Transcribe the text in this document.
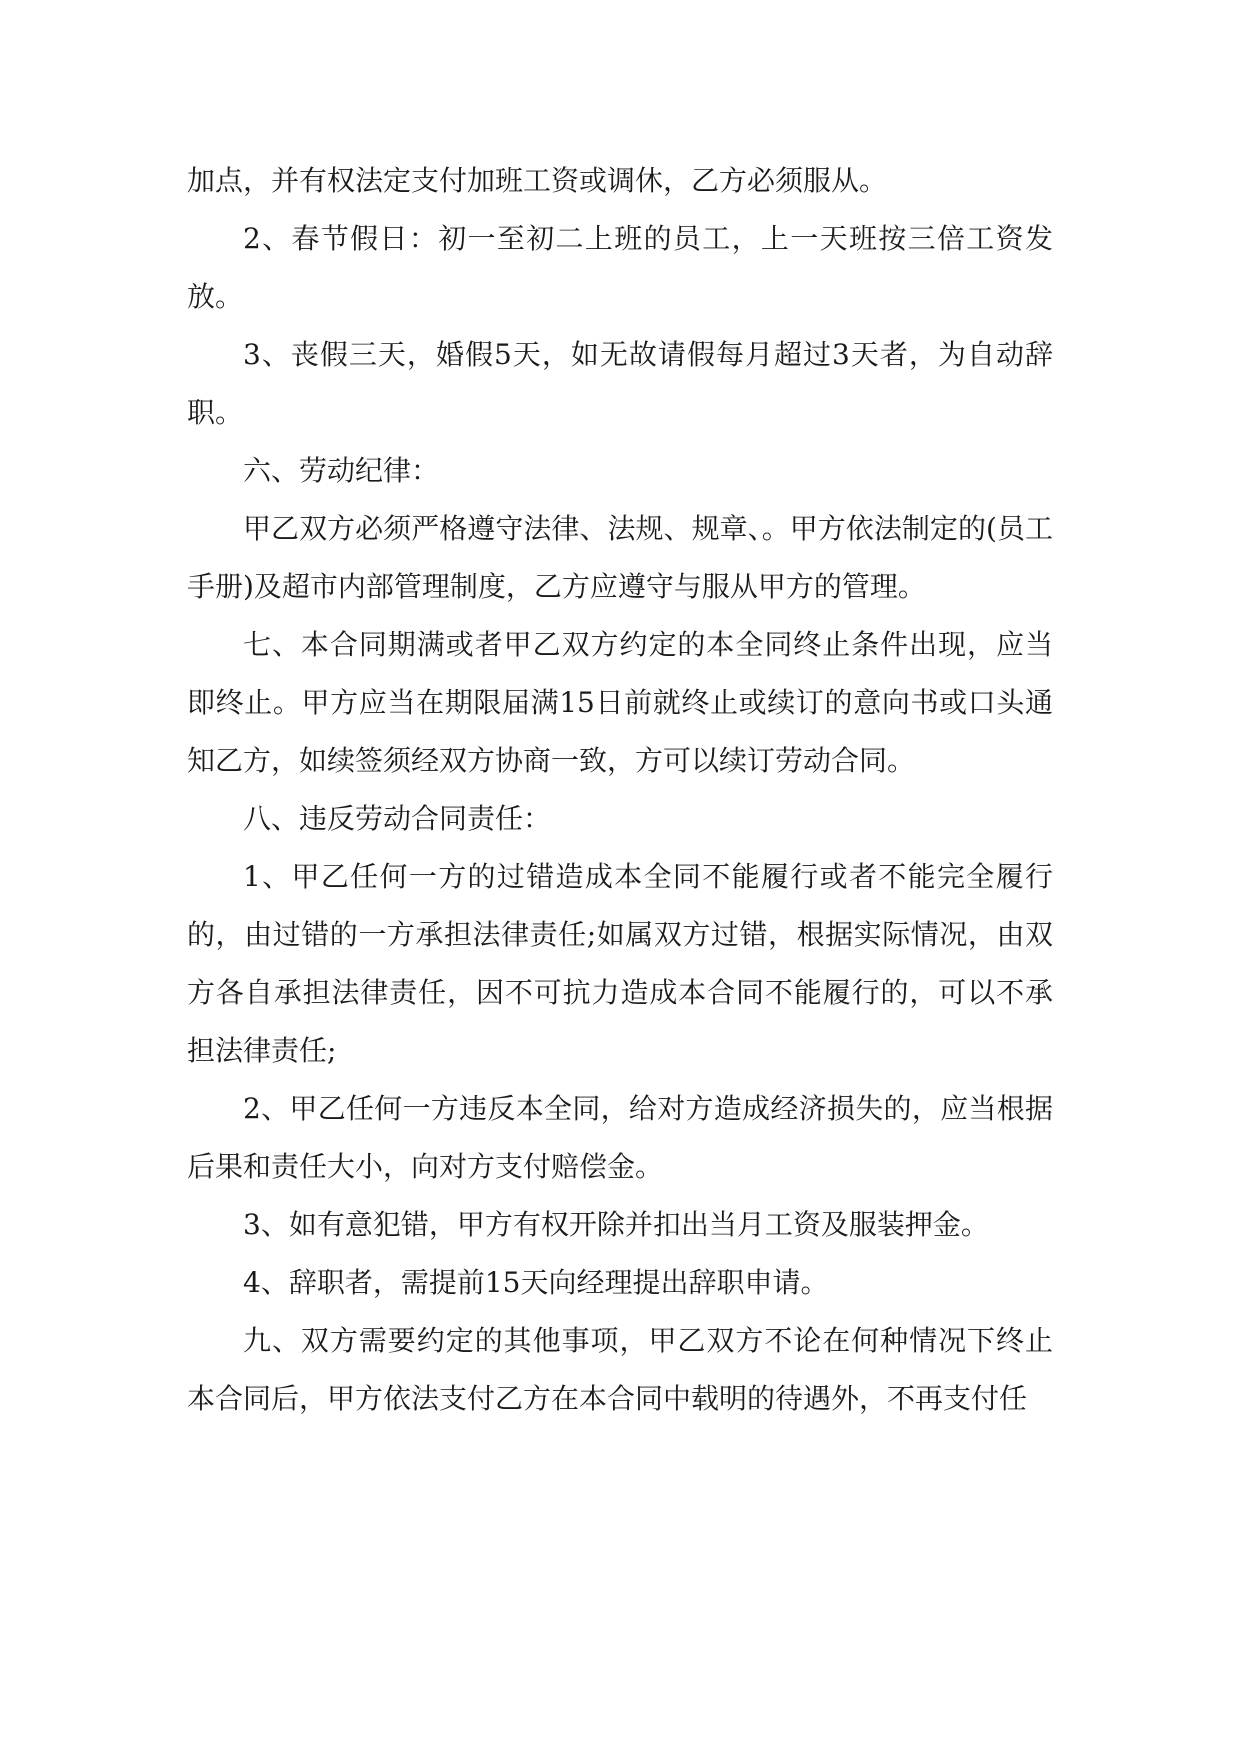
加点，并有权法定支付加班工资或调休，乙方必须服从。

2、春节假日：初一至初二上班的员工，上一天班按三倍工资发放。

3、丧假三天，婚假5天，如无故请假每月超过3天者，为自动辞职。

六、劳动纪律：

甲乙双方必须严格遵守法律、法规、规章、。甲方依法制定的(员工手册)及超市内部管理制度，乙方应遵守与服从甲方的管理。

七、本合同期满或者甲乙双方约定的本全同终止条件出现，应当即终止。甲方应当在期限届满15日前就终止或续订的意向书或口头通知乙方，如续签须经双方协商一致，方可以续订劳动合同。

八、违反劳动合同责任：

1、甲乙任何一方的过错造成本全同不能履行或者不能完全履行的，由过错的一方承担法律责任;如属双方过错，根据实际情况，由双方各自承担法律责任，因不可抗力造成本合同不能履行的，可以不承担法律责任;

2、甲乙任何一方违反本全同，给对方造成经济损失的，应当根据后果和责任大小，向对方支付赔偿金。

3、如有意犯错，甲方有权开除并扣出当月工资及服装押金。

4、辞职者，需提前15天向经理提出辞职申请。

九、双方需要约定的其他事项，甲乙双方不论在何种情况下终止本合同后，甲方依法支付乙方在本合同中载明的待遇外，不再支付任
